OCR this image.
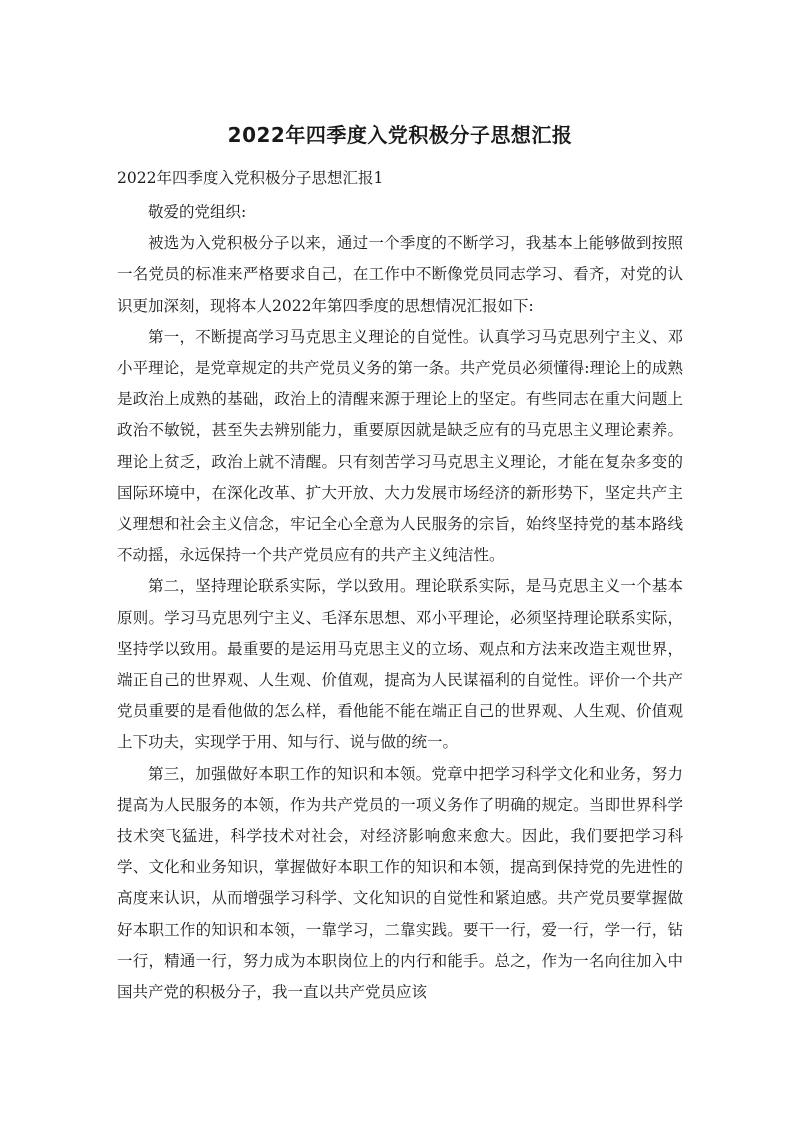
2022年四季度入党积极分子思想汇报

2022年四季度入党积极分子思想汇报1

敬爱的党组织:

被选为入党积极分子以来，通过一个季度的不断学习，我基本上能够做到按照一名党员的标准来严格要求自己，在工作中不断像党员同志学习、看齐，对党的认识更加深刻，现将本人2022年第四季度的思想情况汇报如下:

第一，不断提高学习马克思主义理论的自觉性。认真学习马克思列宁主义、邓小平理论，是党章规定的共产党员义务的第一条。共产党员必须懂得:理论上的成熟是政治上成熟的基础，政治上的清醒来源于理论上的坚定。有些同志在重大问题上政治不敏锐，甚至失去辨别能力，重要原因就是缺乏应有的马克思主义理论素养。理论上贫乏，政治上就不清醒。只有刻苦学习马克思主义理论，才能在复杂多变的国际环境中，在深化改革、扩大开放、大力发展市场经济的新形势下，坚定共产主义理想和社会主义信念，牢记全心全意为人民服务的宗旨，始终坚持党的基本路线不动摇，永远保持一个共产党员应有的共产主义纯洁性。

第二，坚持理论联系实际，学以致用。理论联系实际，是马克思主义一个基本原则。学习马克思列宁主义、毛泽东思想、邓小平理论，必须坚持理论联系实际，坚持学以致用。最重要的是运用马克思主义的立场、观点和方法来改造主观世界，端正自己的世界观、人生观、价值观，提高为人民谋福利的自觉性。评价一个共产党员重要的是看他做的怎么样，看他能不能在端正自己的世界观、人生观、价值观上下功夫，实现学于用、知与行、说与做的统一。

第三，加强做好本职工作的知识和本领。党章中把学习科学文化和业务，努力提高为人民服务的本领，作为共产党员的一项义务作了明确的规定。当即世界科学技术突飞猛进，科学技术对社会，对经济影响愈来愈大。因此，我们要把学习科学、文化和业务知识，掌握做好本职工作的知识和本领，提高到保持党的先进性的高度来认识，从而增强学习科学、文化知识的自觉性和紧迫感。共产党员要掌握做好本职工作的知识和本领，一靠学习，二靠实践。要干一行，爱一行，学一行，钻一行，精通一行，努力成为本职岗位上的内行和能手。总之，作为一名向往加入中国共产党的积极分子，我一直以共产党员应该
